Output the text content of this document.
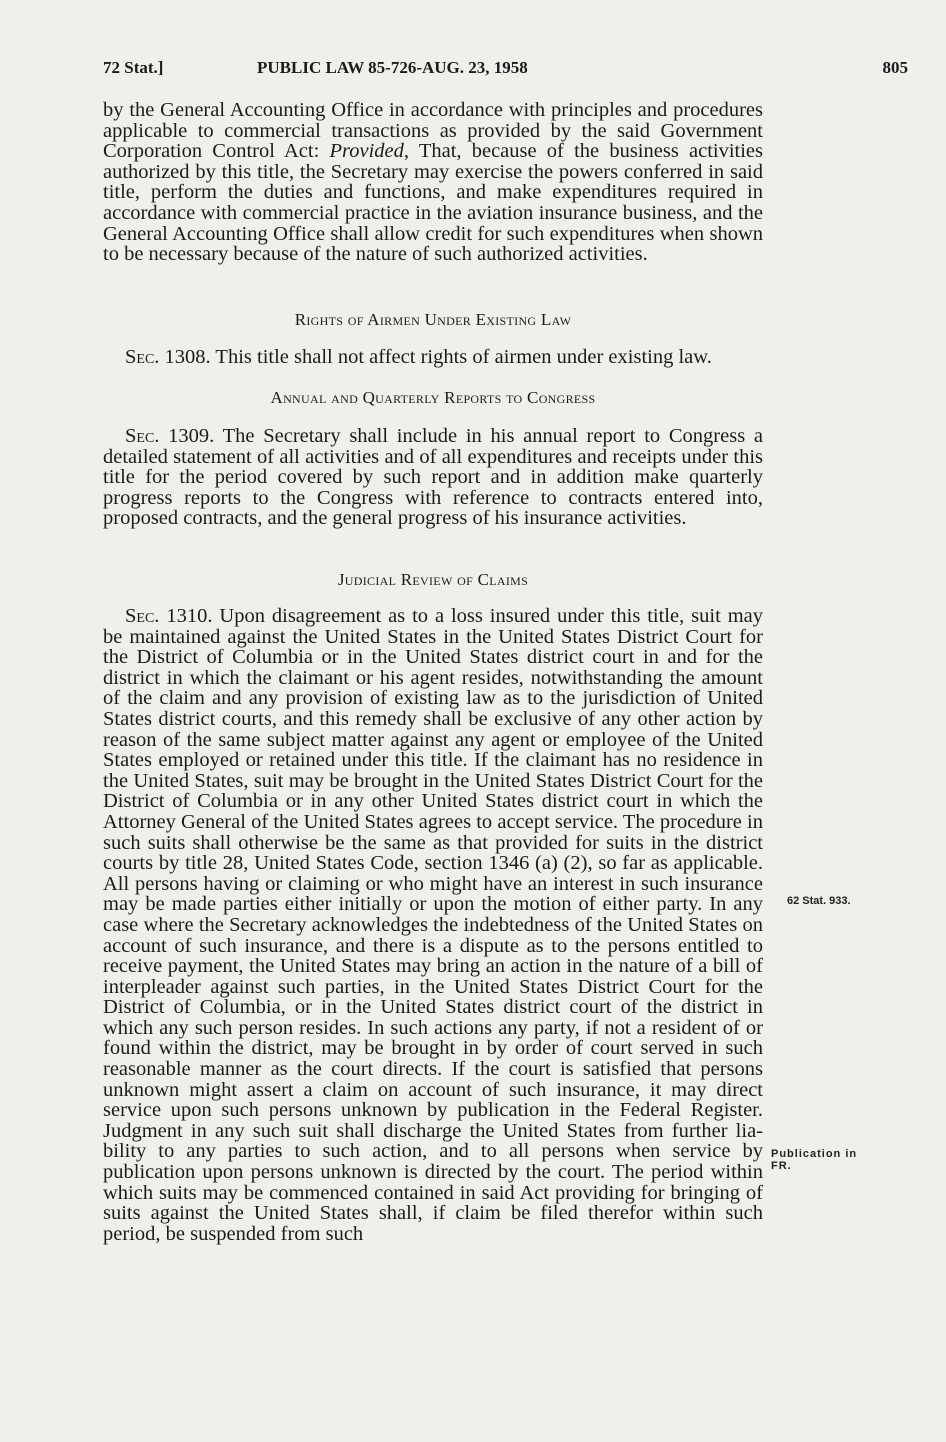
72 Stat.]	PUBLIC LAW 85-726-AUG. 23, 1958	805
by the General Accounting Office in accordance with principles and procedures applicable to commercial transactions as provided by the said Government Corporation Control Act: Provided, That, because of the business activities authorized by this title, the Secretary may exercise the powers conferred in said title, perform the duties and functions, and make expenditures required in accordance with commercial practice in the aviation insurance business, and the General Accounting Office shall allow credit for such expenditures when shown to be necessary because of the nature of such authorized activities.
Rights of Airmen Under Existing Law
Sec. 1308. This title shall not affect rights of airmen under existing law.
Annual and Quarterly Reports to Congress
Sec. 1309. The Secretary shall include in his annual report to Congress a detailed statement of all activities and of all expenditures and receipts under this title for the period covered by such report and in addition make quarterly progress reports to the Congress with reference to contracts entered into, proposed contracts, and the general progress of his insurance activities.
Judicial Review of Claims
Sec. 1310. Upon disagreement as to a loss insured under this title, suit may be maintained against the United States in the United States District Court for the District of Columbia or in the United States district court in and for the district in which the claimant or his agent resides, notwithstanding the amount of the claim and any provision of existing law as to the jurisdiction of United States district courts, and this remedy shall be exclusive of any other action by reason of the same subject matter against any agent or employee of the United States employed or retained under this title. If the claimant has no residence in the United States, suit may be brought in the United States District Court for the District of Columbia or in any other United States district court in which the Attorney General of the United States agrees to accept service. The procedure in such suits shall otherwise be the same as that provided for suits in the district courts by title 28, United States Code, section 1346 (a) (2), so far as applicable. All persons having or claiming or who might have an interest in such insurance may be made parties either initially or upon the motion of either party. In any case where the Secretary acknowledges the indebtedness of the United States on account of such insurance, and there is a dispute as to the persons entitled to receive payment, the United States may bring an action in the nature of a bill of interpleader against such parties, in the United States District Court for the District of Columbia, or in the United States district court of the district in which any such person resides. In such actions any party, if not a resident of or found within the district, may be brought in by order of court served in such reasonable manner as the court directs. If the court is satisfied that persons unknown might assert a claim on account of such insurance, it may direct service upon such persons unknown by publication in the Federal Register. Judgment in any such suit shall discharge the United States from further liability to any parties to such action, and to all persons when service by publication upon persons unknown is directed by the court. The period within which suits may be commenced contained in said Act providing for bringing of suits against the United States shall, if claim be filed therefor within such period, be suspended from such
62 Stat. 933.
Publication in
FR.
